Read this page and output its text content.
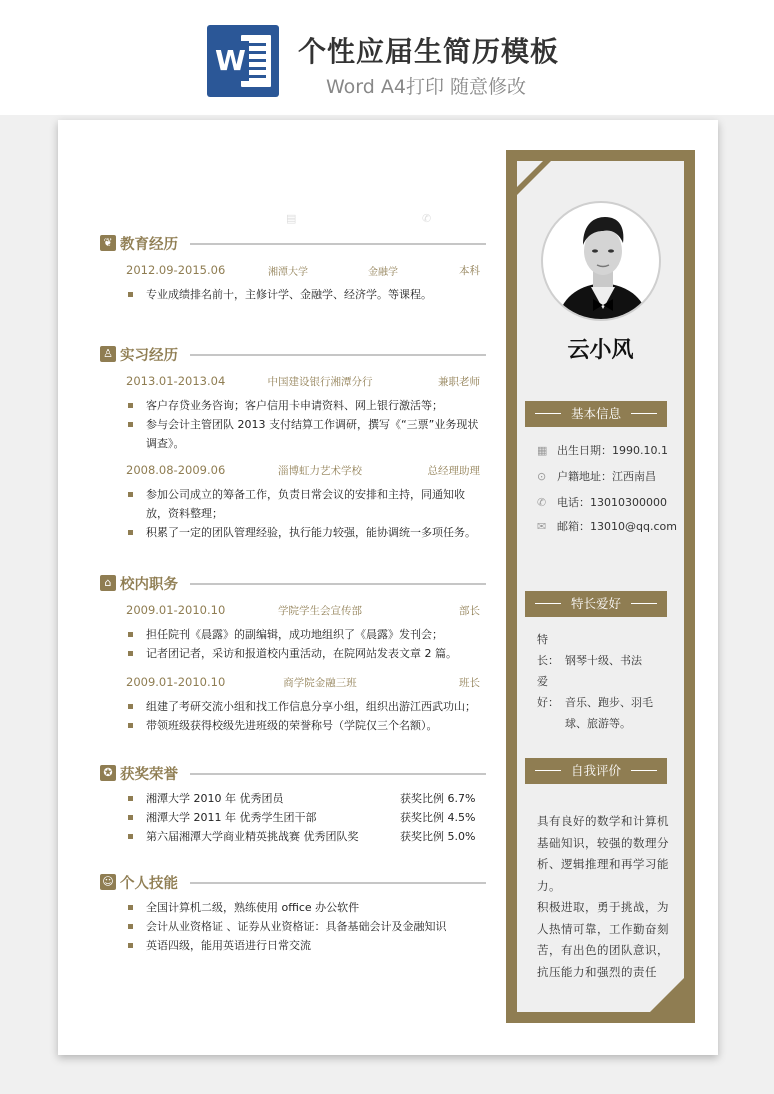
W 个性应届生简历模板
Word A4打印 随意修改
▤	✆
❦ 教育经历
2012.09-2015.06	湘潭大学	金融学	本科
专业成绩排名前十，主修计学、金融学、经济学。等课程。
♙ 实习经历
2013.01-2013.04	中国建设银行湘潭分行	兼职老师
客户存贷业务咨询；客户信用卡申请资料、网上银行激活等；
参与会计主管团队 2013 支付结算工作调研，撰写《“三票”业务现状调查》。
2008.08-2009.06	淄博虹力艺术学校	总经理助理
参加公司成立的筹备工作，负责日常会议的安排和主持，同通知收放，资料整理；
积累了一定的团队管理经验，执行能力较强，能协调统一多项任务。
⌂ 校内职务
2009.01-2010.10	学院学生会宣传部	部长
担任院刊《晨露》的副编辑，成功地组织了《晨露》发刊会；
记者团记者，采访和报道校内重活动，在院网站发表文章 2 篇。
2009.01-2010.10	商学院金融三班	班长
组建了考研交流小组和找工作信息分享小组，组织出游江西武功山；
带领班级获得校级先进班级的荣誉称号（学院仅三个名额）。
✪ 获奖荣誉
湘潭大学 2010 年 优秀团员	获奖比例 6.7%
湘潭大学 2011 年 优秀学生团干部	获奖比例 4.5%
第六届湘潭大学商业精英挑战赛 优秀团队奖	获奖比例 5.0%
☺ 个人技能
全国计算机二级，熟练使用 office 办公软件
会计从业资格证 、证券从业资格证：具备基础会计及金融知识
英语四级，能用英语进行日常交流
云小风
基本信息
▦ 出生日期：1990.10.1
⊙ 户籍地址：江西南昌
✆ 电话：13010300000
✉ 邮箱：13010@qq.com
特长爱好
特长： 钢琴十级、书法
爱好： 音乐、跑步、羽毛
球、旅游等。
自我评价
具有良好的数学和计算机基础知识，较强的数理分析、逻辑推理和再学习能力。
积极进取，勇于挑战，为人热情可靠，工作勤奋刻苦，有出色的团队意识，抗压能力和强烈的责任
